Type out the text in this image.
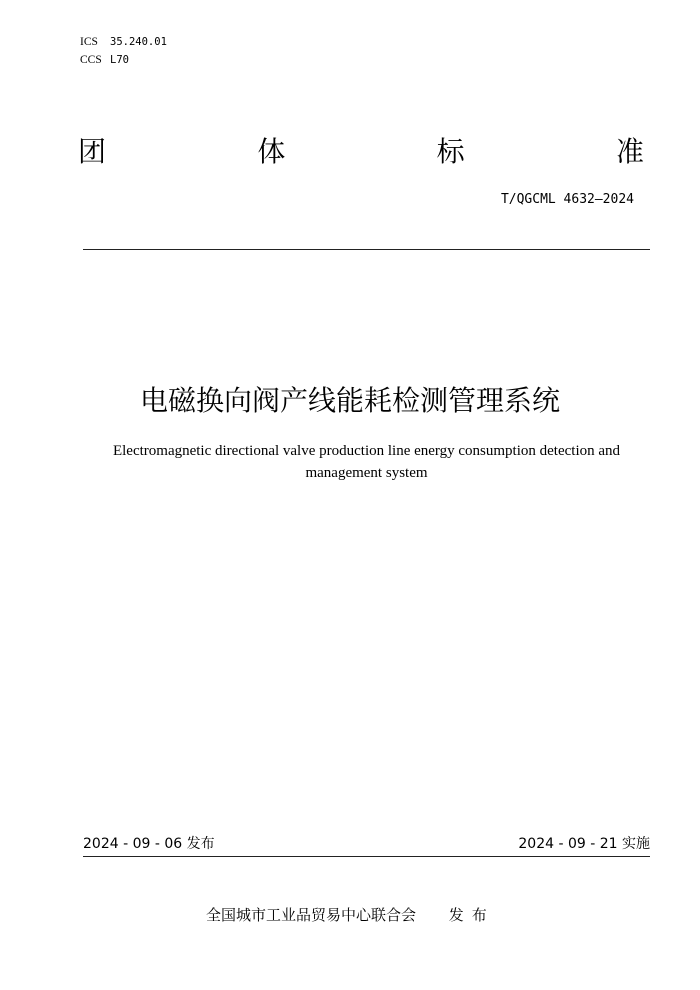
ICS	35.240.01
CCS L70
团	体	标	准
T/QGCML 4632—2024
电磁换向阀产线能耗检测管理系统
Electromagnetic directional valve production line energy consumption detection and management system
2024 - 09 - 06 发布	2024 - 09 - 21 实施
全国城市工业品贸易中心联合会 发布
